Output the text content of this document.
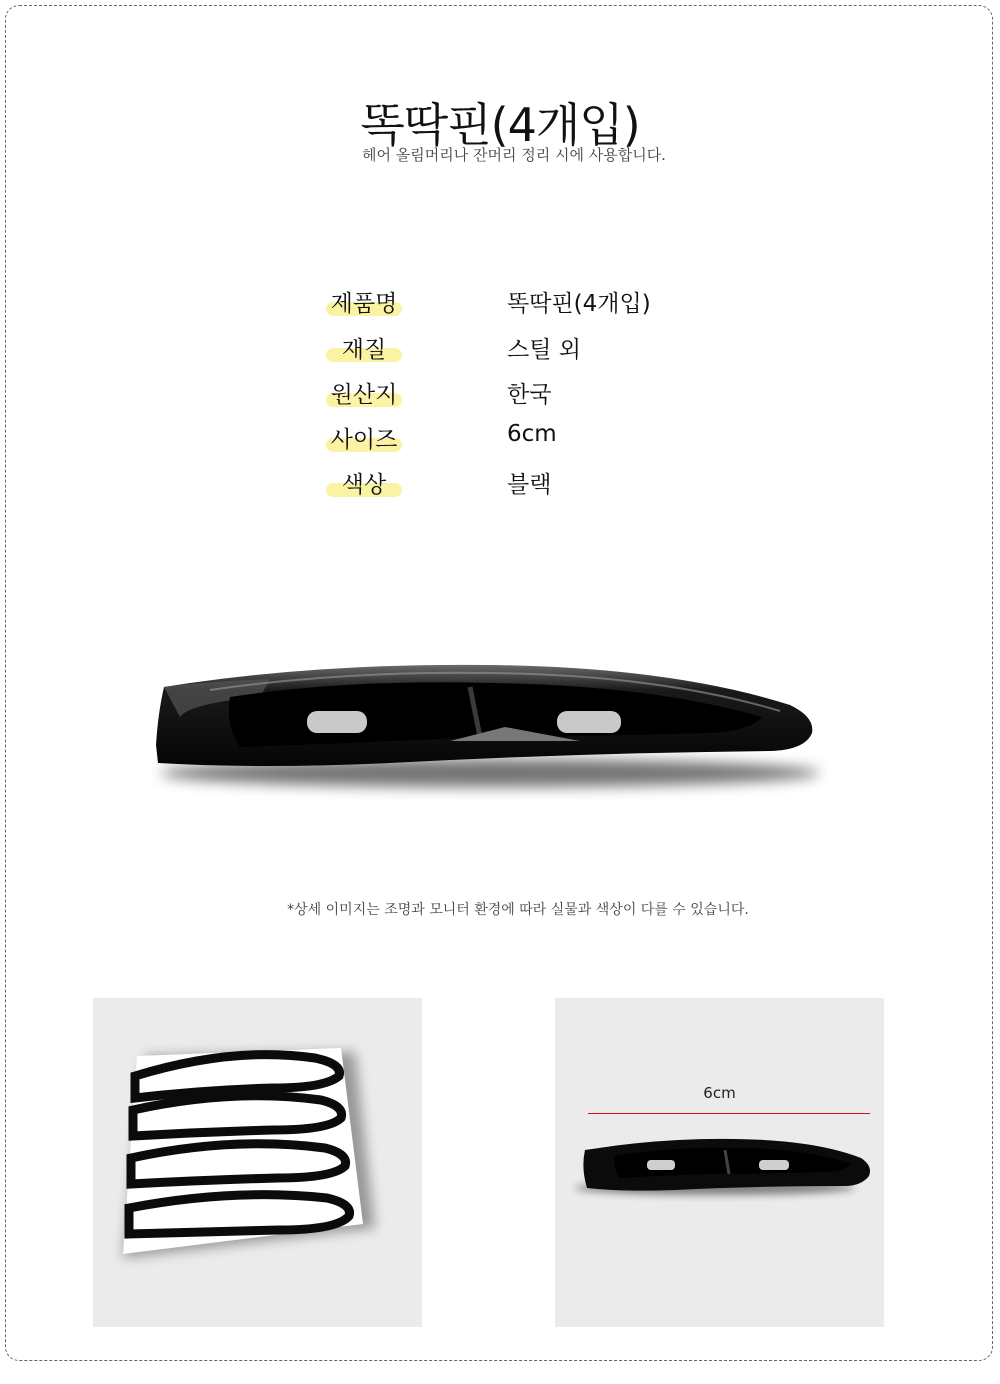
똑딱핀(4개입)
헤어 올림머리나 잔머리 정리 시에 사용합니다.
제품명	똑딱핀(4개입)
재질	스틸 외
원산지	한국
사이즈	6cm
색상	블랙
*상세 이미지는 조명과 모니터 환경에 따라 실물과 색상이 다를 수 있습니다.
6cm
